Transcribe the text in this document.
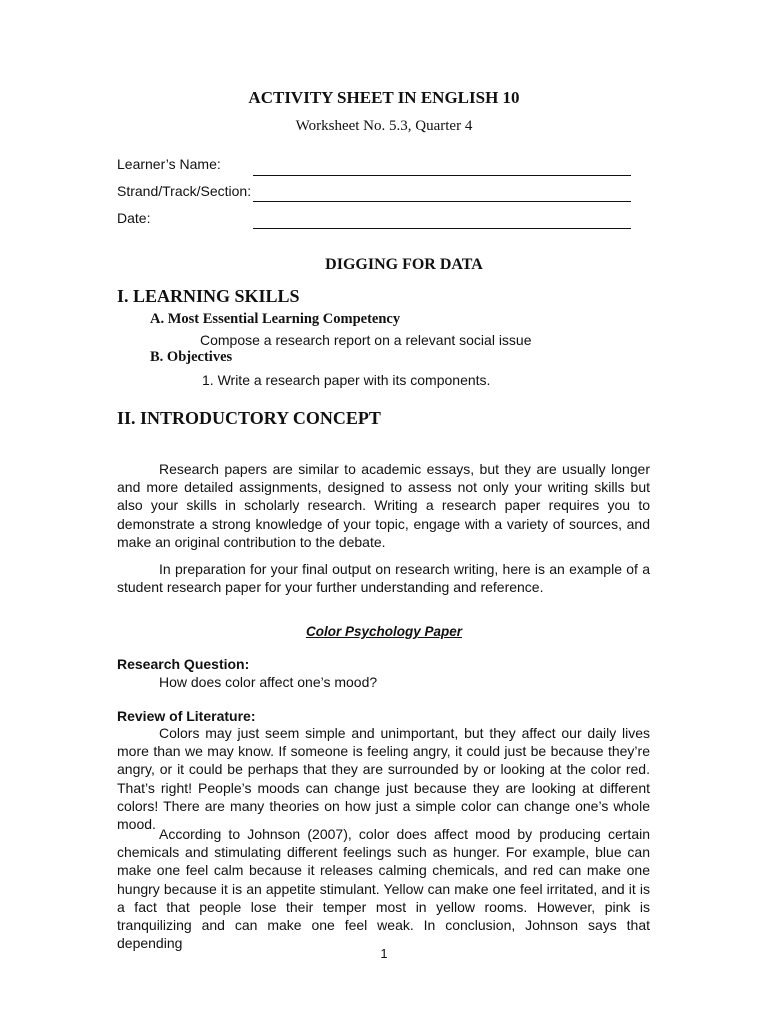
ACTIVITY SHEET IN ENGLISH 10
Worksheet No. 5.3, Quarter 4
Learner’s Name:
Strand/Track/Section:
Date:
DIGGING FOR DATA
I. LEARNING SKILLS
A. Most Essential Learning Competency
Compose a research report on a relevant social issue
B. Objectives
1. Write a research paper with its components.
II. INTRODUCTORY CONCEPT

Research papers are similar to academic essays, but they are usually longer and more detailed assignments, designed to assess not only your writing skills but also your skills in scholarly research. Writing a research paper requires you to demonstrate a strong knowledge of your topic, engage with a variety of sources, and make an original contribution to the debate.

In preparation for your final output on research writing, here is an example of a student research paper for your further understanding and reference.

Color Psychology Paper
Research Question:
How does color affect one’s mood?
Review of Literature:

Colors may just seem simple and unimportant, but they affect our daily lives more than we may know. If someone is feeling angry, it could just be because they’re angry, or it could be perhaps that they are surrounded by or looking at the color red. That’s right! People’s moods can change just because they are looking at different colors! There are many theories on how just a simple color can change one’s whole mood.

According to Johnson (2007), color does affect mood by producing certain chemicals and stimulating different feelings such as hunger. For example, blue can make one feel calm because it releases calming chemicals, and red can make one hungry because it is an appetite stimulant. Yellow can make one feel irritated, and it is a fact that people lose their temper most in yellow rooms. However, pink is tranquilizing and can make one feel weak. In conclusion, Johnson says that depending

1
